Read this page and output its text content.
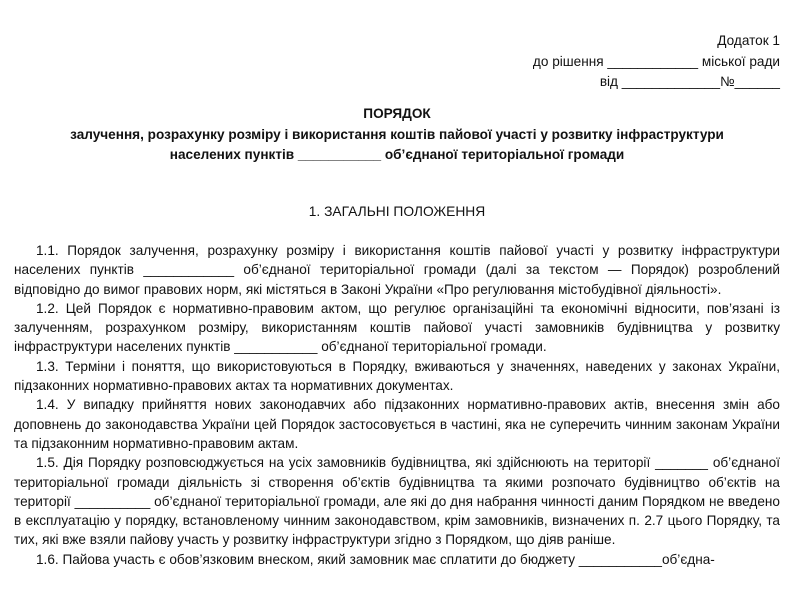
Додаток 1
до рішення ____________ міської ради
від _____________№______
ПОРЯДОК
залучення, розрахунку розміру і використання коштів пайової участі у розвитку інфраструктури
населених пунктів ___________ об’єднаної територіальної громади
1. ЗАГАЛЬНІ ПОЛОЖЕННЯ

1.1. Порядок залучення, розрахунку розміру і використання коштів пайової участі у розвитку інфраструктури населених пунктів ____________ об’єднаної територіальної громади (далі за текстом — Порядок) розроблений відповідно до вимог правових норм, які містяться в Законі України «Про регулювання містобудівної діяльності».

1.2. Цей Порядок є нормативно-правовим актом, що регулює організаційні та економічні відносити, пов’язані із залученням, розрахунком розміру, використанням коштів пайової участі замовників будівництва у розвитку інфраструктури населених пунктів ___________ об’єднаної територіальної громади.

1.3. Терміни і поняття, що використовуються в Порядку, вживаються у значеннях, наведених у законах України, підзаконних нормативно-правових актах та нормативних документах.

1.4. У випадку прийняття нових законодавчих або підзаконних нормативно-правових актів, внесення змін або доповнень до законодавства України цей Порядок застосовується в частині, яка не суперечить чинним законам України та підзаконним нормативно-правовим актам.

1.5. Дія Порядку розповсюджується на усіх замовників будівництва, які здійснюють на території _______ об’єднаної територіальної громади діяльність зі створення об’єктів будівництва та якими розпочато будівництво об’єктів на території __________ об’єднаної територіальної громади, але які до дня набрання чинності даним Порядком не введено в експлуатацію у порядку, встановленому чинним законодавством, крім замовників, визначених п. 2.7 цього Порядку, та тих, які вже взяли пайову участь у розвитку інфраструктури згідно з Порядком, що діяв раніше.

1.6. Пайова участь є обов’язковим внеском, який замовник має сплатити до бюджету ___________об’єдна-
